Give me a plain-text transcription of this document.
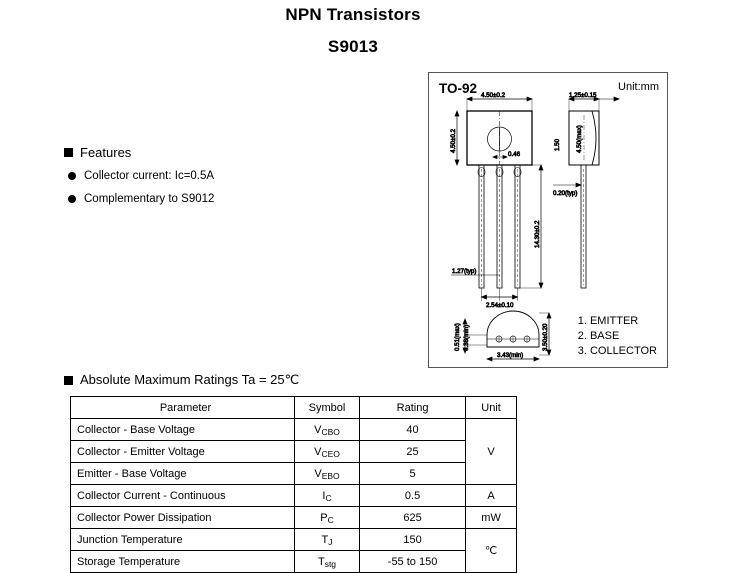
NPN Transistors
S9013
Features
Collector current: Ic=0.5A
Complementary to S9012
TO-92	Unit:mm
4.50±0.2
4.50±0.2
0.46
14.30±0.2
1.27(typ)
2.54±0.10
0.51(max) 0.38(min)	3.50±0.20
3.43(min)
1.25±0.15
1.50 4.50(max)
0.20(typ)
1. EMITTER
2. BASE
3. COLLECTOR
Absolute Maximum Ratings Ta = 25℃
Parameter	Symbol	Rating	Unit
Collector - Base Voltage	$V_{CBO}$	40	V
Collector - Emitter Voltage	$V_{CEO}$	25	
Emitter - Base Voltage	$V_{EBO}$	5	
Collector Current - Continuous	$I_C$	0.5	A
Collector Power Dissipation	$P_C$	625	mW
Junction Temperature	$T_J$	150	℃
Storage Temperature	$T_{stg}$	-55 to 150	
